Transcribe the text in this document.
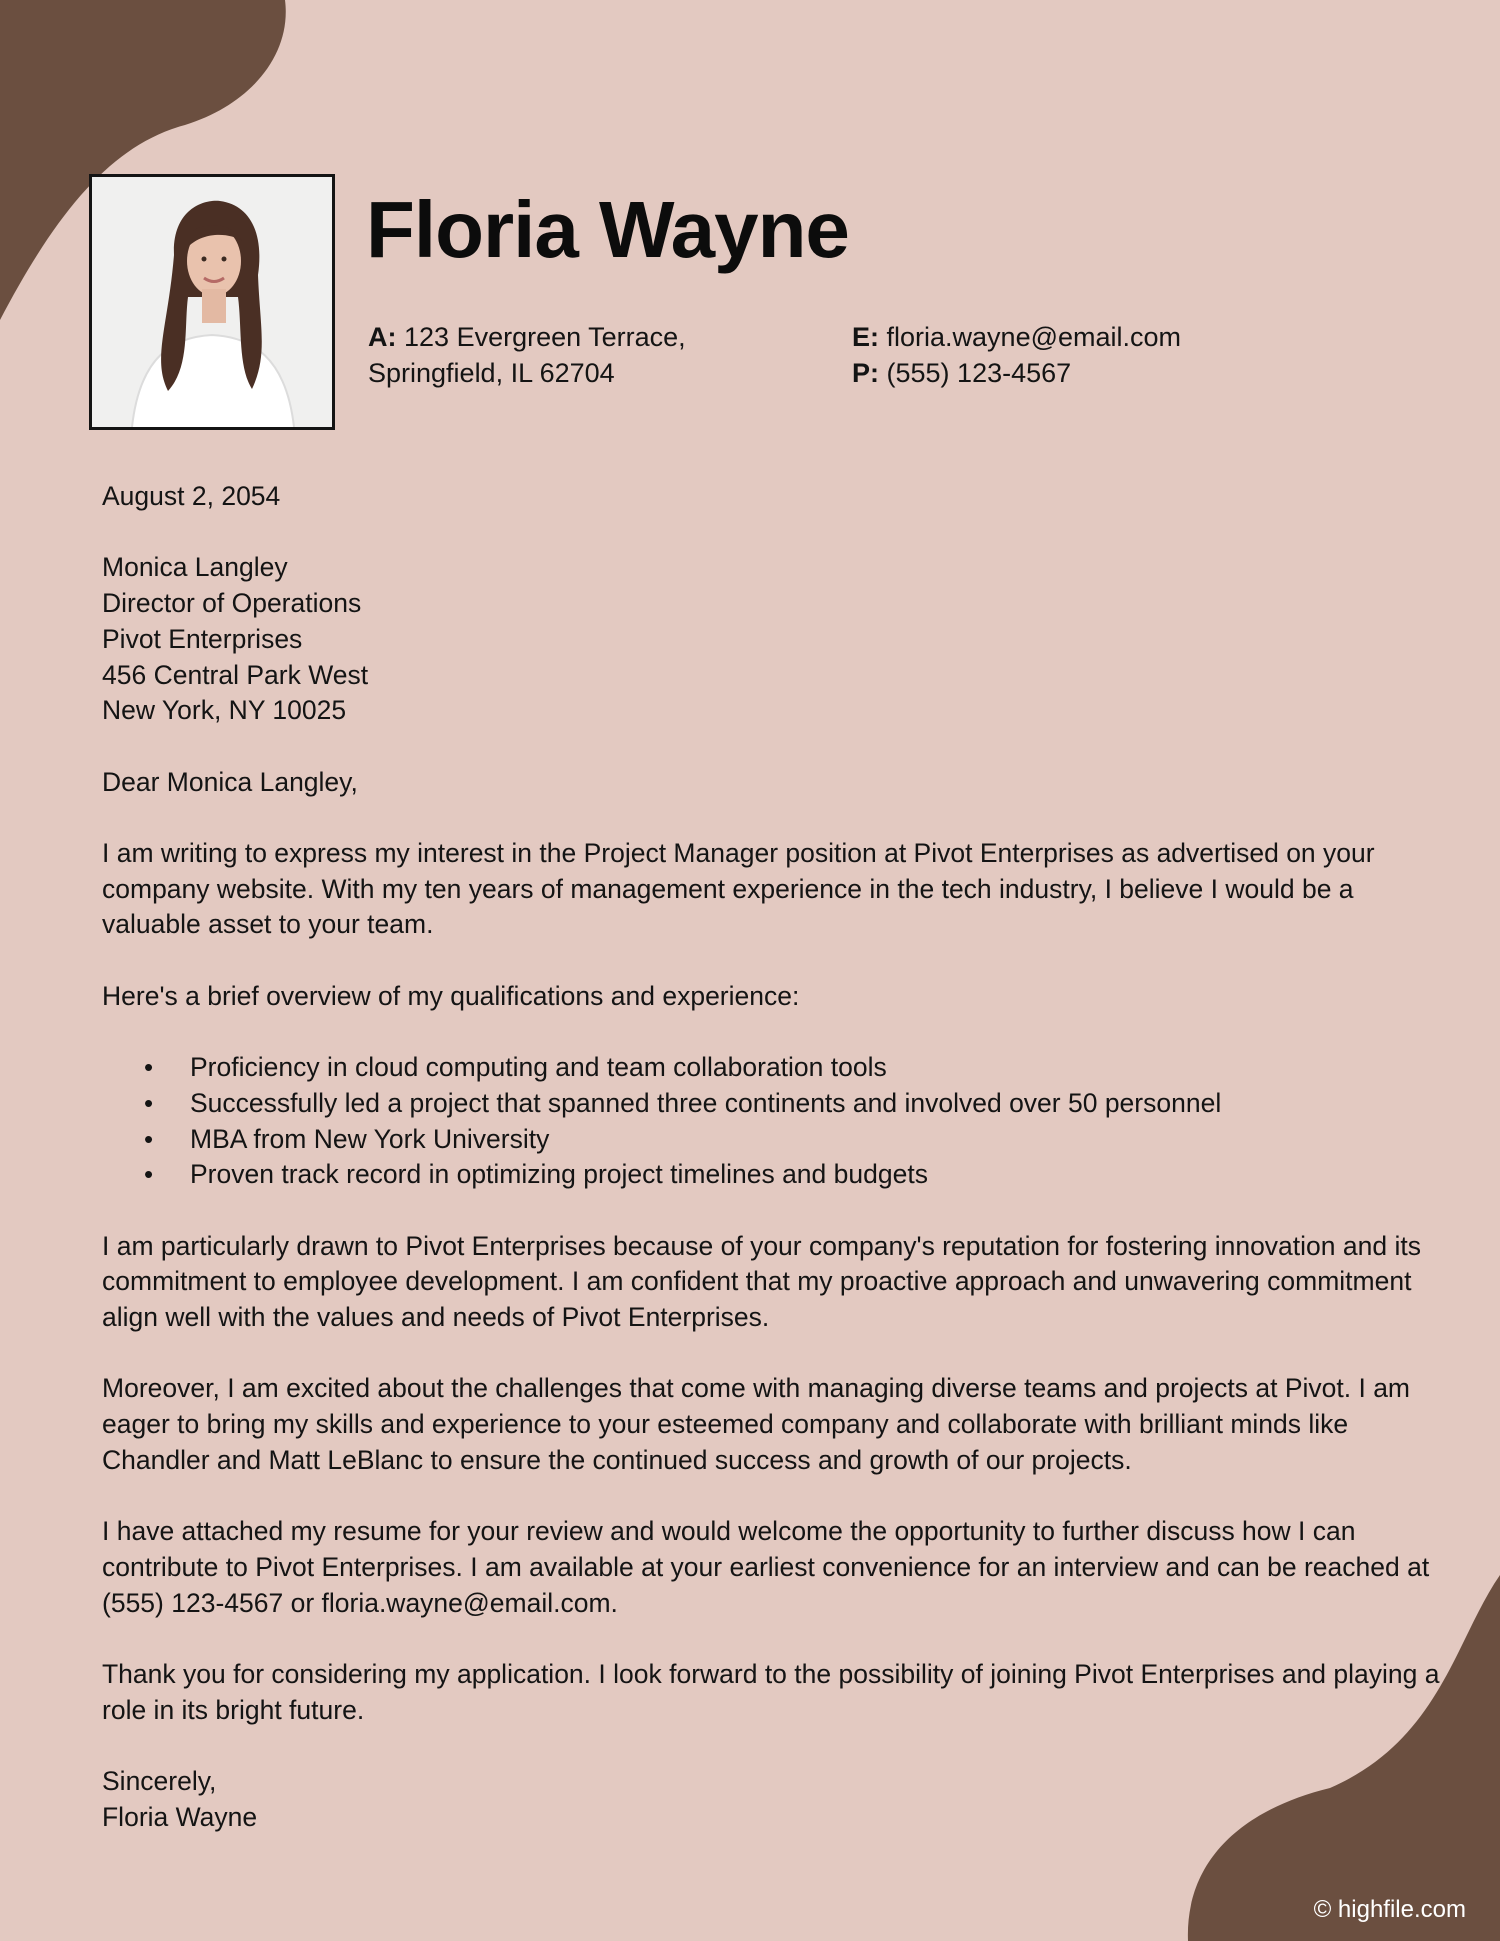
Floria Wayne
A: 123 Evergreen Terrace,
Springfield, IL 62704
E: floria.wayne@email.com
P: (555) 123-4567

August 2, 2054

Monica Langley
Director of Operations
Pivot Enterprises
456 Central Park West
New York, NY 10025

Dear Monica Langley,

I am writing to express my interest in the Project Manager position at Pivot Enterprises as advertised on your company website. With my ten years of management experience in the tech industry, I believe I would be a valuable asset to your team.

Here's a brief overview of my qualifications and experience:

• Proficiency in cloud computing and team collaboration tools
• Successfully led a project that spanned three continents and involved over 50 personnel
• MBA from New York University
• Proven track record in optimizing project timelines and budgets

I am particularly drawn to Pivot Enterprises because of your company's reputation for fostering innovation and its commitment to employee development. I am confident that my proactive approach and unwavering commitment align well with the values and needs of Pivot Enterprises.

Moreover, I am excited about the challenges that come with managing diverse teams and projects at Pivot. I am eager to bring my skills and experience to your esteemed company and collaborate with brilliant minds like Chandler and Matt LeBlanc to ensure the continued success and growth of our projects.

I have attached my resume for your review and would welcome the opportunity to further discuss how I can contribute to Pivot Enterprises. I am available at your earliest convenience for an interview and can be reached at (555) 123-4567 or floria.wayne@email.com.

Thank you for considering my application. I look forward to the possibility of joining Pivot Enterprises and playing a role in its bright future.

Sincerely,
Floria Wayne

© highfile.com
